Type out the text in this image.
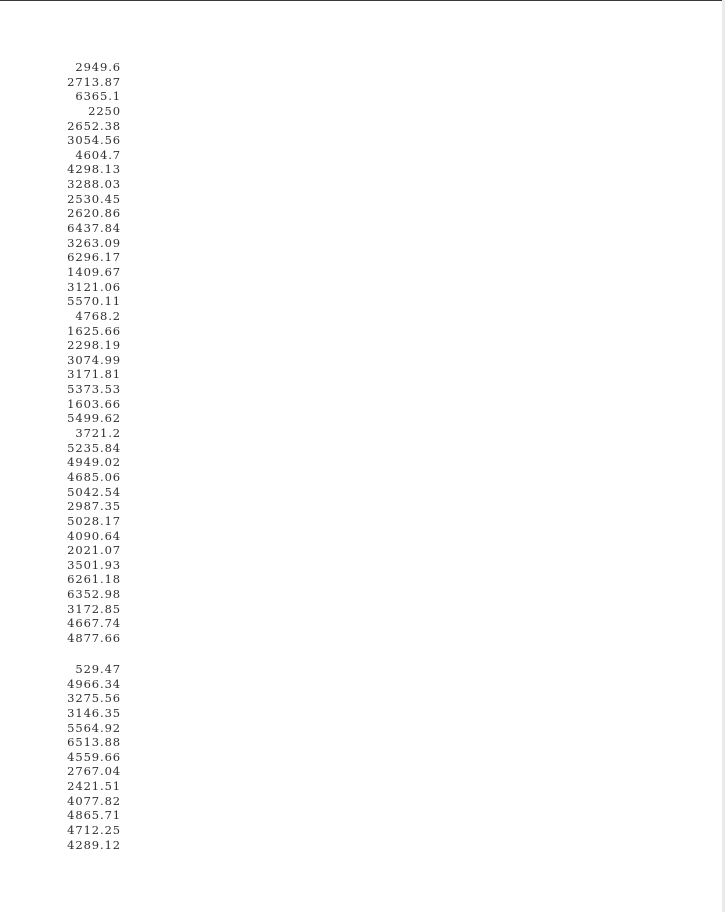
2949.6
2713.87
6365.1
2250
2652.38
3054.56
4604.7
4298.13
3288.03
2530.45
2620.86
6437.84
3263.09
6296.17
1409.67
3121.06
5570.11
4768.2
1625.66
2298.19
3074.99
3171.81
5373.53
1603.66
5499.62
3721.2
5235.84
4949.02
4685.06
5042.54
2987.35
5028.17
4090.64
2021.07
3501.93
6261.18
6352.98
3172.85
4667.74
4877.66
529.47
4966.34
3275.56
3146.35
5564.92
6513.88
4559.66
2767.04
2421.51
4077.82
4865.71
4712.25
4289.12
